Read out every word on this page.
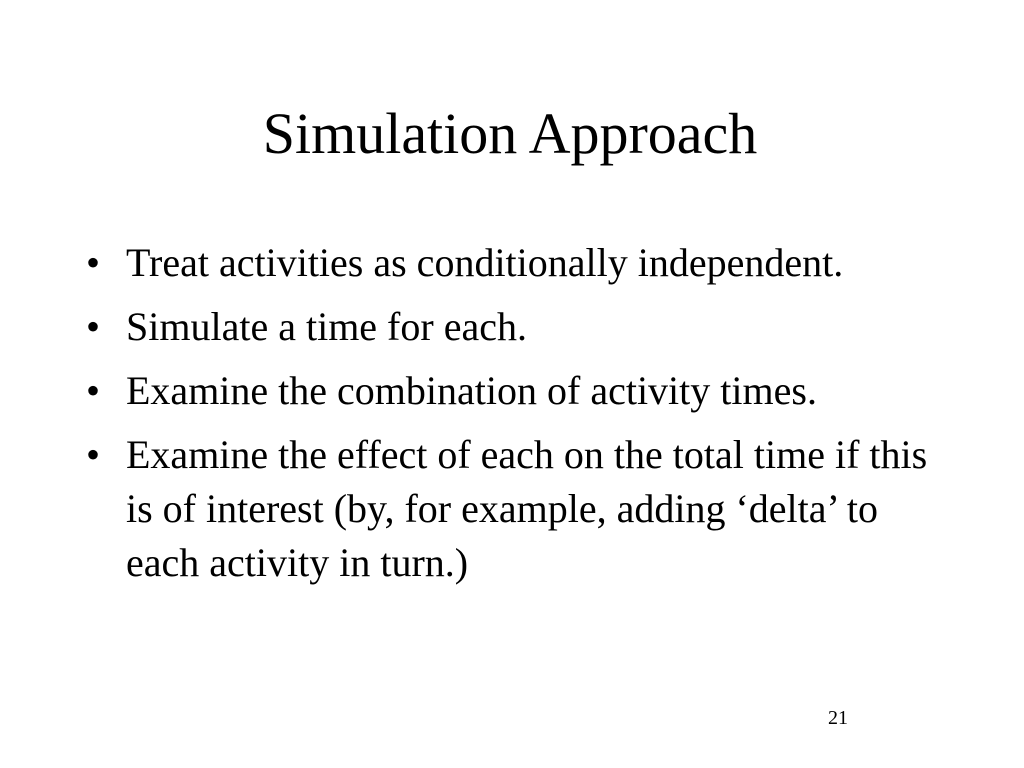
Simulation Approach
• Treat activities as conditionally independent.
• Simulate a time for each.
• Examine the combination of activity times.
• Examine the effect of each on the total time if this is of interest (by, for example, adding ‘delta’ to each activity in turn.)
21
